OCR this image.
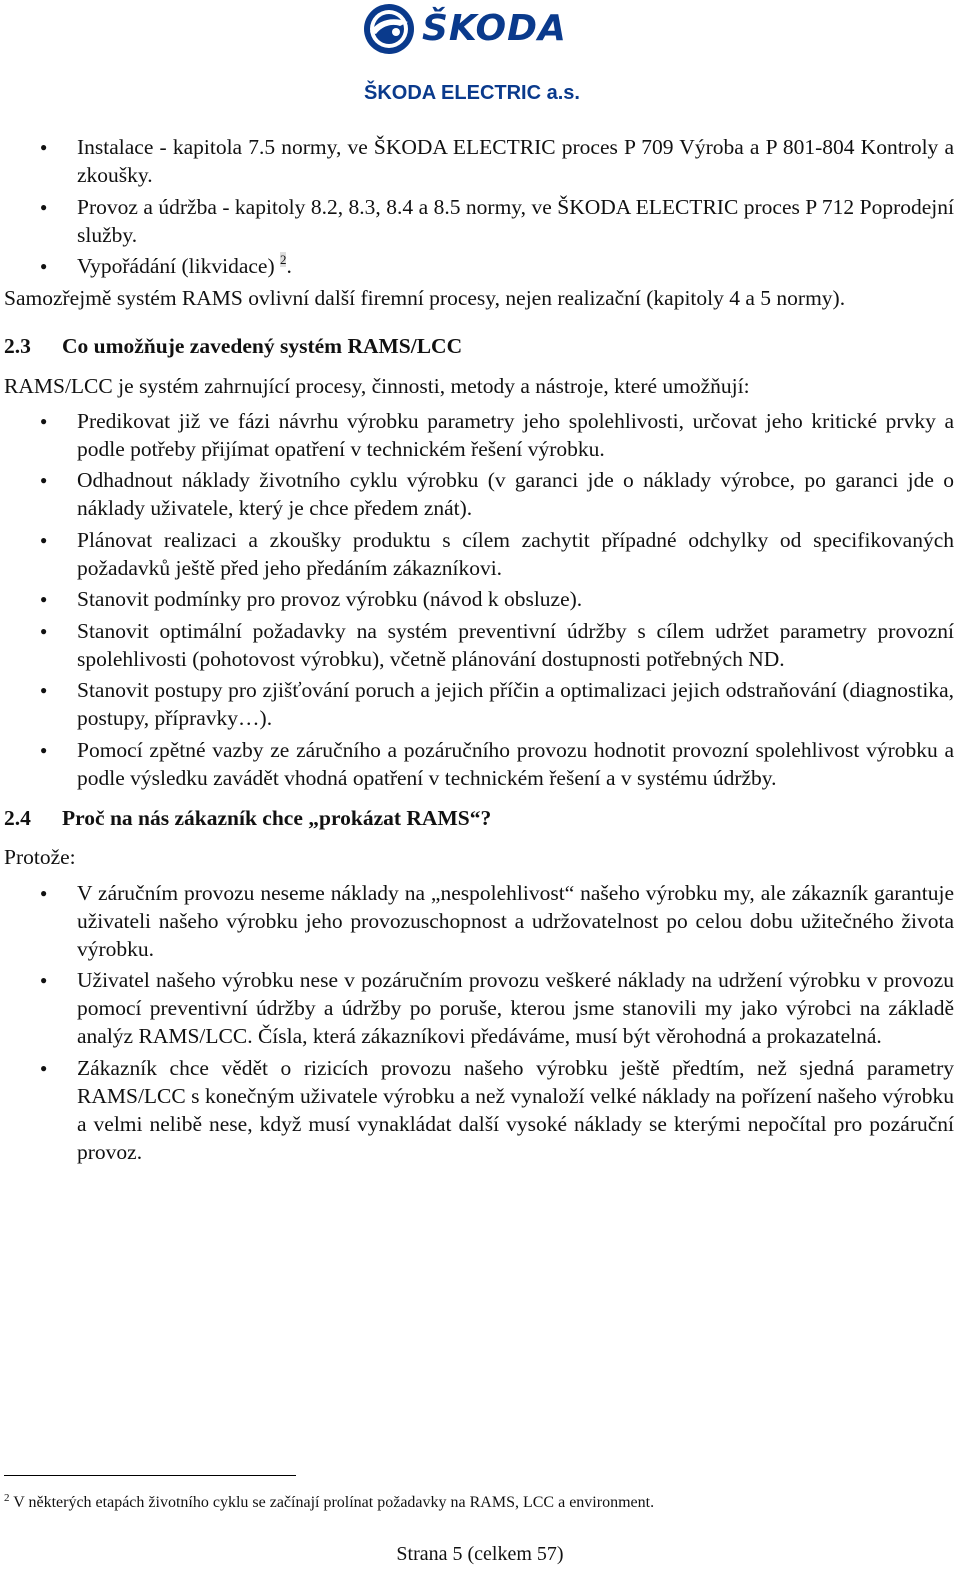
ŠKODA
ŠKODA ELECTRIC a.s.
● Instalace - kapitola 7.5 normy, ve ŠKODA ELECTRIC proces P 709 Výroba a P 801-804 Kontroly a zkoušky.
● Provoz a údržba - kapitoly 8.2, 8.3, 8.4 a 8.5 normy, ve ŠKODA ELECTRIC proces P 712 Poprodejní služby.
● Vypořádání (likvidace) $^2$.

Samozřejmě systém RAMS ovlivní další firemní procesy, nejen realizační (kapitoly 4 a 5 normy).

2.3 Co umožňuje zavedený systém RAMS/LCC

RAMS/LCC je systém zahrnující procesy, činnosti, metody a nástroje, které umožňují:

● Predikovat již ve fázi návrhu výrobku parametry jeho spolehlivosti, určovat jeho kritické prvky a podle potřeby přijímat opatření v technickém řešení výrobku.
● Odhadnout náklady životního cyklu výrobku (v garanci jde o náklady výrobce, po garanci jde o náklady uživatele, který je chce předem znát).
● Plánovat realizaci a zkoušky produktu s cílem zachytit případné odchylky od specifikovaných požadavků ještě před jeho předáním zákazníkovi.
● Stanovit podmínky pro provoz výrobku (návod k obsluze).
● Stanovit optimální požadavky na systém preventivní údržby s cílem udržet parametry provozní spolehlivosti (pohotovost výrobku), včetně plánování dostupnosti potřebných ND.
● Stanovit postupy pro zjišťování poruch a jejich příčin a optimalizaci jejich odstraňování (diagnostika, postupy, přípravky…).
● Pomocí zpětné vazby ze záručního a pozáručního provozu hodnotit provozní spolehlivost výrobku a podle výsledku zavádět vhodná opatření v technickém řešení a v systému údržby.
2.4 Proč na nás zákazník chce „prokázat RAMS“?

Protože:

● V záručním provozu neseme náklady na „nespolehlivost“ našeho výrobku my, ale zákazník garantuje uživateli našeho výrobku jeho provozuschopnost a udržovatelnost po celou dobu užitečného života výrobku.
● Uživatel našeho výrobku nese v pozáručním provozu veškeré náklady na udržení výrobku v provozu pomocí preventivní údržby a údržby po poruše, kterou jsme stanovili my jako výrobci na základě analýz RAMS/LCC. Čísla, která zákazníkovi předáváme, musí být věrohodná a prokazatelná.
● Zákazník chce vědět o rizicích provozu našeho výrobku ještě předtím, než sjedná parametry RAMS/LCC s konečným uživatele výrobku a než vynaloží velké náklady na pořízení našeho výrobku a velmi nelibě nese, když musí vynakládat další vysoké náklady se kterými nepočítal pro pozáruční provoz.
$^2$ V některých etapách životního cyklu se začínají prolínat požadavky na RAMS, LCC a environment.
Strana 5 (celkem 57)
